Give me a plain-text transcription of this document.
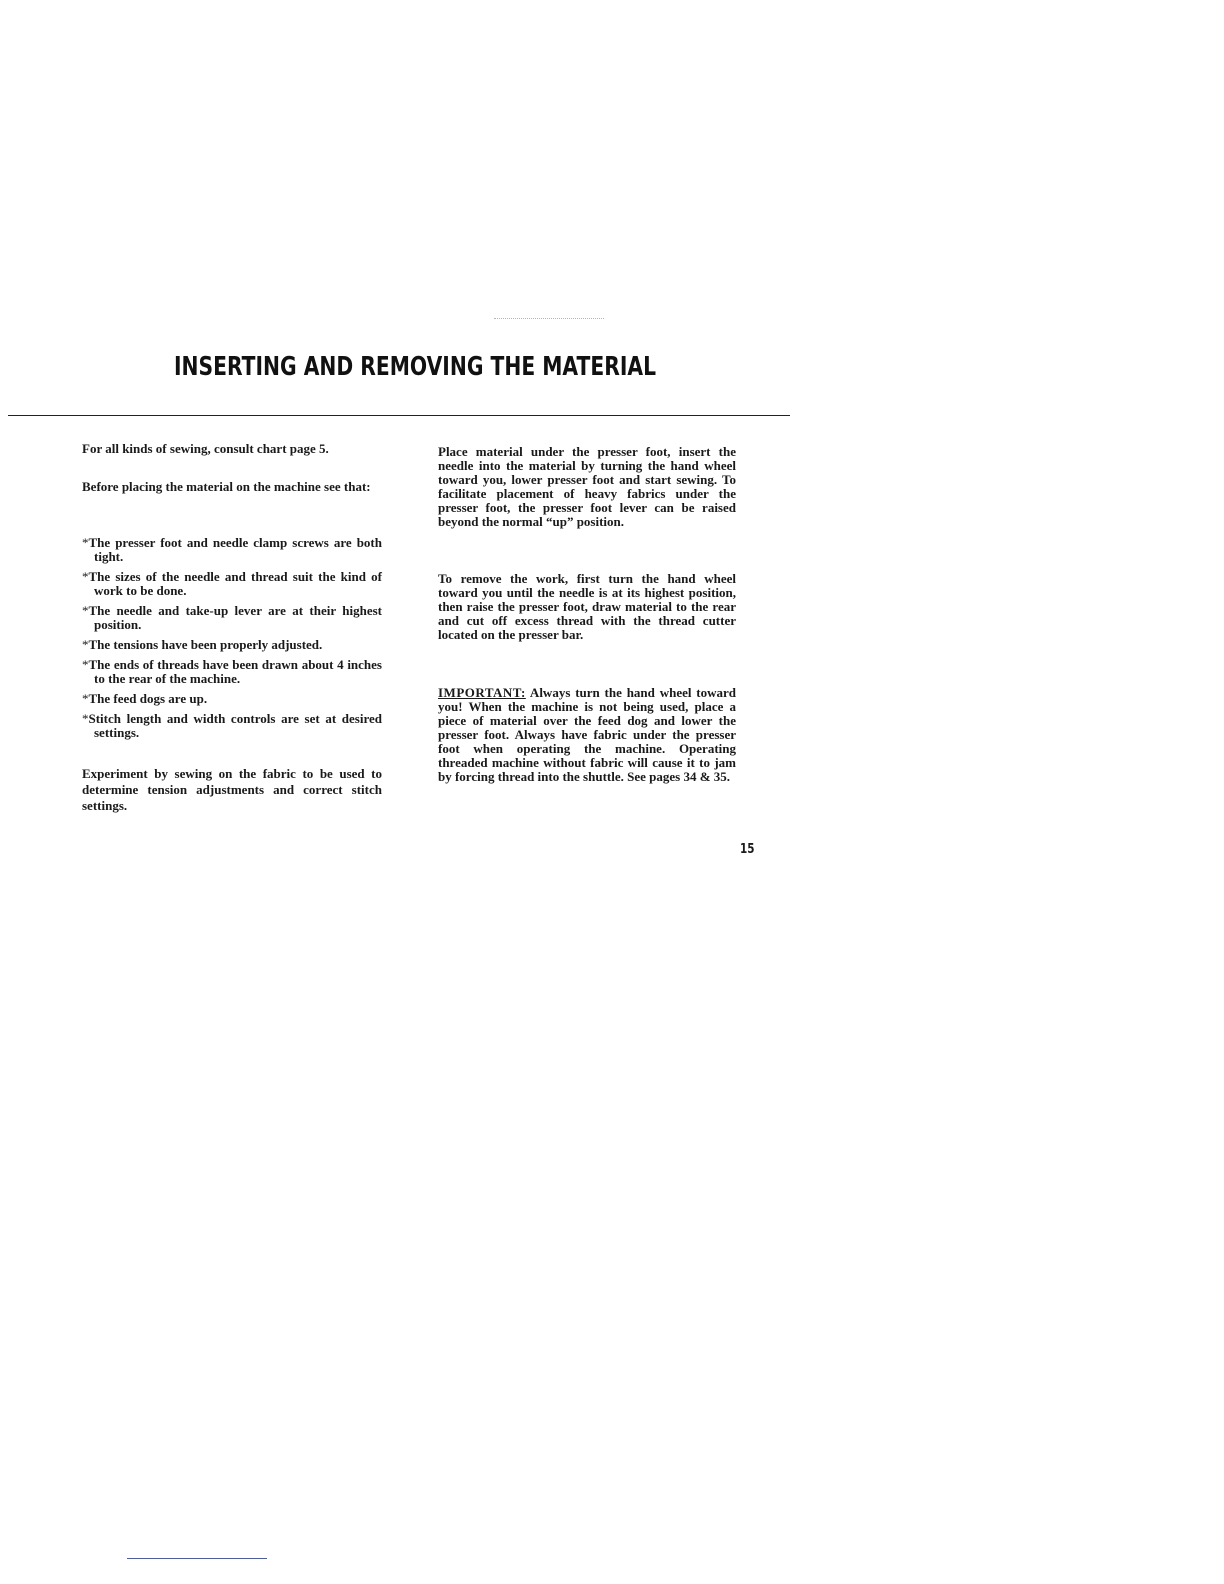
INSERTING AND REMOVING THE MATERIAL

For all kinds of sewing, consult chart page 5.

Before placing the material on the machine see that:

*The presser foot and needle clamp screws are both tight.

*The sizes of the needle and thread suit the kind of work to be done.

*The needle and take-up lever are at their highest position.

*The tensions have been properly adjusted.

*The ends of threads have been drawn about 4 inches to the rear of the machine.

*The feed dogs are up.

*Stitch length and width controls are set at desired settings.

Experiment by sewing on the fabric to be used to determine tension adjustments and correct stitch settings.

Place material under the presser foot, insert the needle into the material by turning the hand wheel toward you, lower presser foot and start sewing. To facilitate placement of heavy fabrics under the presser foot, the presser foot lever can be raised beyond the normal “up” position.

To remove the work, first turn the hand wheel toward you until the needle is at its highest position, then raise the presser foot, draw material to the rear and cut off excess thread with the thread cutter located on the presser bar.

IMPORTANT: Always turn the hand wheel toward you! When the machine is not being used, place a piece of material over the feed dog and lower the presser foot. Always have fabric under the presser foot when operating the machine. Operating threaded machine without fabric will cause it to jam by forcing thread into the shuttle. See pages 34 & 35.

15
